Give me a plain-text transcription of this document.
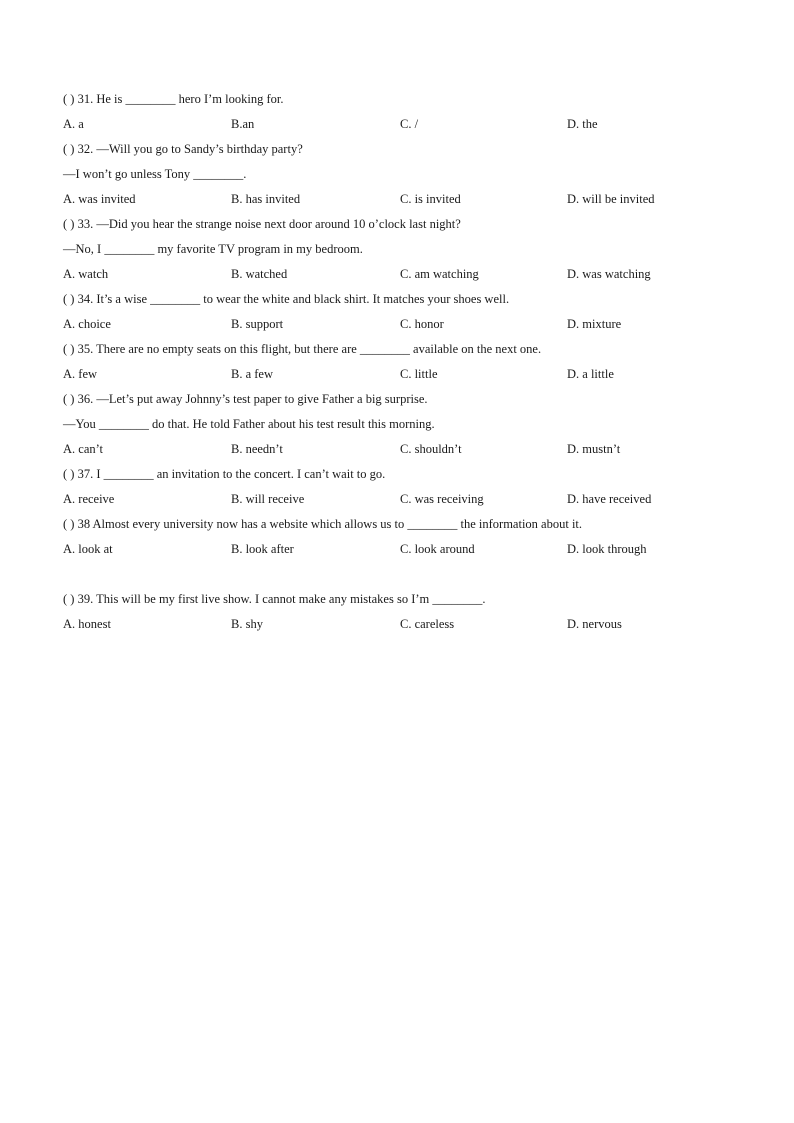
( ) 31. He is ________ hero I’m looking for.
A. a	B.an	C. /	D. the
( ) 32. —Will you go to Sandy’s birthday party?
—I won’t go unless Tony ________.
A. was invited	B. has invited	C. is invited	D. will be invited
( ) 33. —Did you hear the strange noise next door around 10 o’clock last night?
—No, I ________ my favorite TV program in my bedroom.
A. watch	B. watched	C. am watching	D. was watching
( ) 34. It’s a wise ________ to wear the white and black shirt. It matches your shoes well.
A. choice	B. support	C. honor	D. mixture
( ) 35. There are no empty seats on this flight, but there are ________ available on the next one.
A. few	B. a few	C. little	D. a little
( ) 36. —Let’s put away Johnny’s test paper to give Father a big surprise.
—You ________ do that. He told Father about his test result this morning.
A. can’t	B. needn’t	C. shouldn’t	D. mustn’t
( ) 37. I ________ an invitation to the concert. I can’t wait to go.
A. receive	B. will receive	C. was receiving	D. have received
( ) 38 Almost every university now has a website which allows us to ________ the information about it.
A. look at	B. look after	C. look around	D. look through
( ) 39. This will be my first live show. I cannot make any mistakes so I’m ________.
A. honest	B. shy	C. careless	D. nervous
